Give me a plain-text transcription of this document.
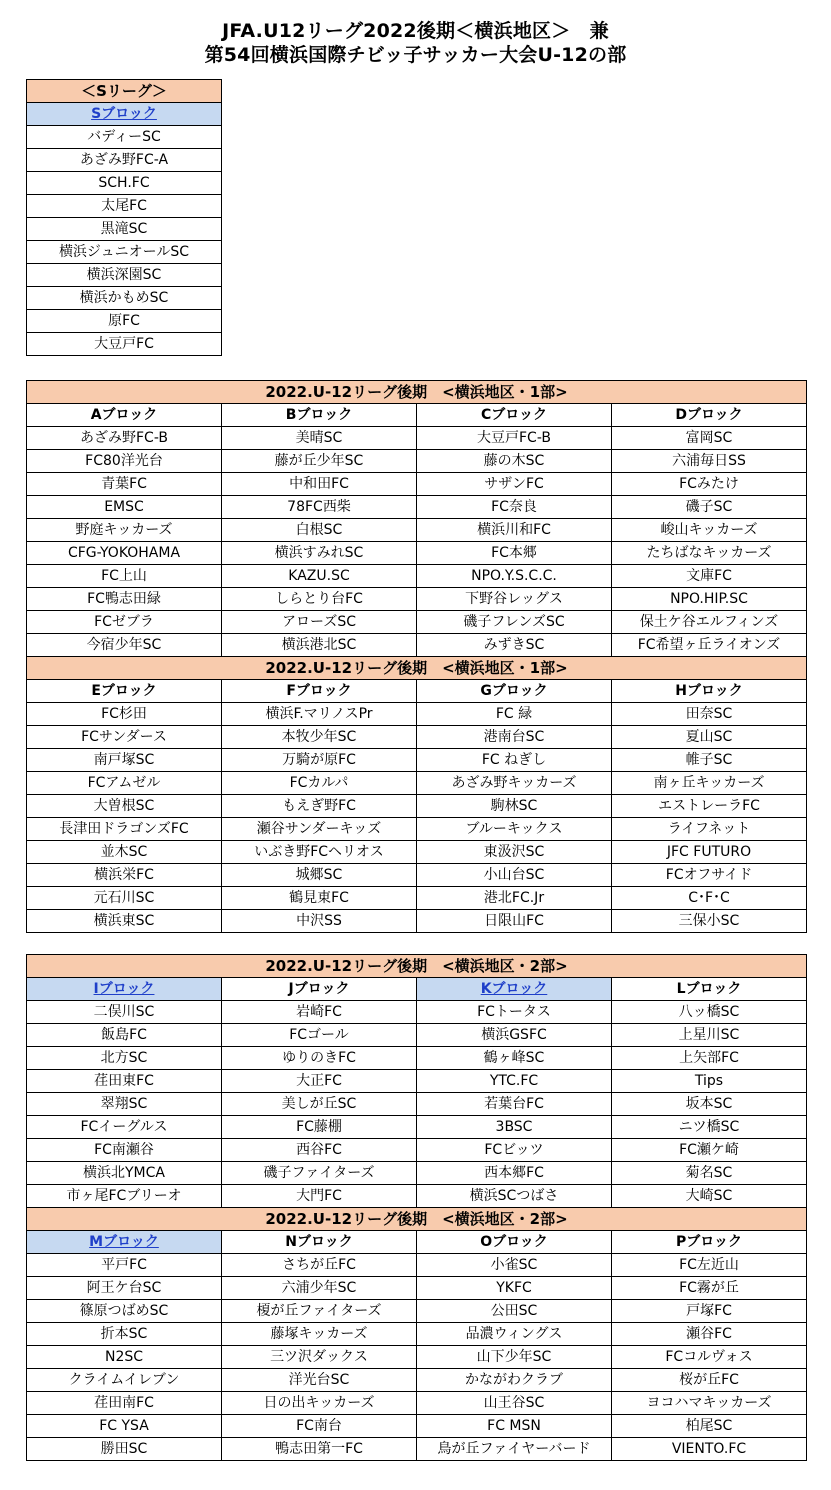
JFA.U12リーグ2022後期＜横浜地区＞　兼
第54回横浜国際チビッ子サッカー大会U-12の部
＜Sリーグ＞
Sブロック
バディーSC
あざみ野FC-A
SCH.FC
太尾FC
黒滝SC
横浜ジュニオールSC
横浜深園SC
横浜かもめSC
原FC
大豆戸FC
2022.U-12リーグ後期　<横浜地区・1部>			
Aブロック	Bブロック	Cブロック	Dブロック
あざみ野FC-B	美晴SC	大豆戸FC-B	富岡SC
FC80洋光台	藤が丘少年SC	藤の木SC	六浦毎日SS
青葉FC	中和田FC	サザンFC	FCみたけ
EMSC	78FC西柴	FC奈良	磯子SC
野庭キッカーズ	白根SC	横浜川和FC	峻山キッカーズ
CFG-YOKOHAMA	横浜すみれSC	FC本郷	たちばなキッカーズ
FC上山	KAZU.SC	NPO.Y.S.C.C.	文庫FC
FC鴨志田緑	しらとり台FC	下野谷レッグス	NPO.HIP.SC
FCゼブラ	アローズSC	磯子フレンズSC	保土ケ谷エルフィンズ
今宿少年SC	横浜港北SC	みずきSC	FC希望ヶ丘ライオンズ
2022.U-12リーグ後期　<横浜地区・1部>			
Eブロック	Fブロック	Gブロック	Hブロック
FC杉田	横浜F.マリノスPr	FC 緑	田奈SC
FCサンダース	本牧少年SC	港南台SC	夏山SC
南戸塚SC	万騎が原FC	FC ねぎし	帷子SC
FCアムゼル	FCカルパ	あざみ野キッカーズ	南ヶ丘キッカーズ
大曽根SC	もえぎ野FC	駒林SC	エストレーラFC
長津田ドラゴンズFC	瀬谷サンダーキッズ	ブルーキックス	ライフネット
並木SC	いぶき野FCヘリオス	東汲沢SC	JFC FUTURO
横浜栄FC	城郷SC	小山台SC	FCオフサイド
元石川SC	鶴見東FC	港北FC.Jr	C･F･C
横浜東SC	中沢SS	日限山FC	三保小SC
2022.U-12リーグ後期　<横浜地区・2部>			
Iブロック	Jブロック	Kブロック	Lブロック
二俣川SC	岩崎FC	FCトータス	八ッ橋SC
飯島FC	FCゴール	横浜GSFC	上星川SC
北方SC	ゆりのきFC	鶴ヶ峰SC	上矢部FC
荏田東FC	大正FC	YTC.FC	Tips
翠翔SC	美しが丘SC	若葉台FC	坂本SC
FCイーグルス	FC藤棚	3BSC	ニツ橋SC
FC南瀬谷	西谷FC	FCビッツ	FC瀬ケ崎
横浜北YMCA	磯子ファイターズ	西本郷FC	菊名SC
市ヶ尾FCブリーオ	大門FC	横浜SCつばさ	大崎SC
2022.U-12リーグ後期　<横浜地区・2部>			
Mブロック	Nブロック	Oブロック	Pブロック
平戸FC	さちが丘FC	小雀SC	FC左近山
阿王ケ台SC	六浦少年SC	YKFC	FC霧が丘
篠原つばめSC	榎が丘ファイターズ	公田SC	戸塚FC
折本SC	藤塚キッカーズ	品濃ウィングス	瀬谷FC
N2SC	三ツ沢ダックス	山下少年SC	FCコルヴォス
クライムイレブン	洋光台SC	かながわクラブ	桜が丘FC
荏田南FC	日の出キッカーズ	山王谷SC	ヨコハマキッカーズ
FC YSA	FC南台	FC MSN	柏尾SC
勝田SC	鴨志田第一FC	鳥が丘ファイヤーバード	VIENTO.FC
